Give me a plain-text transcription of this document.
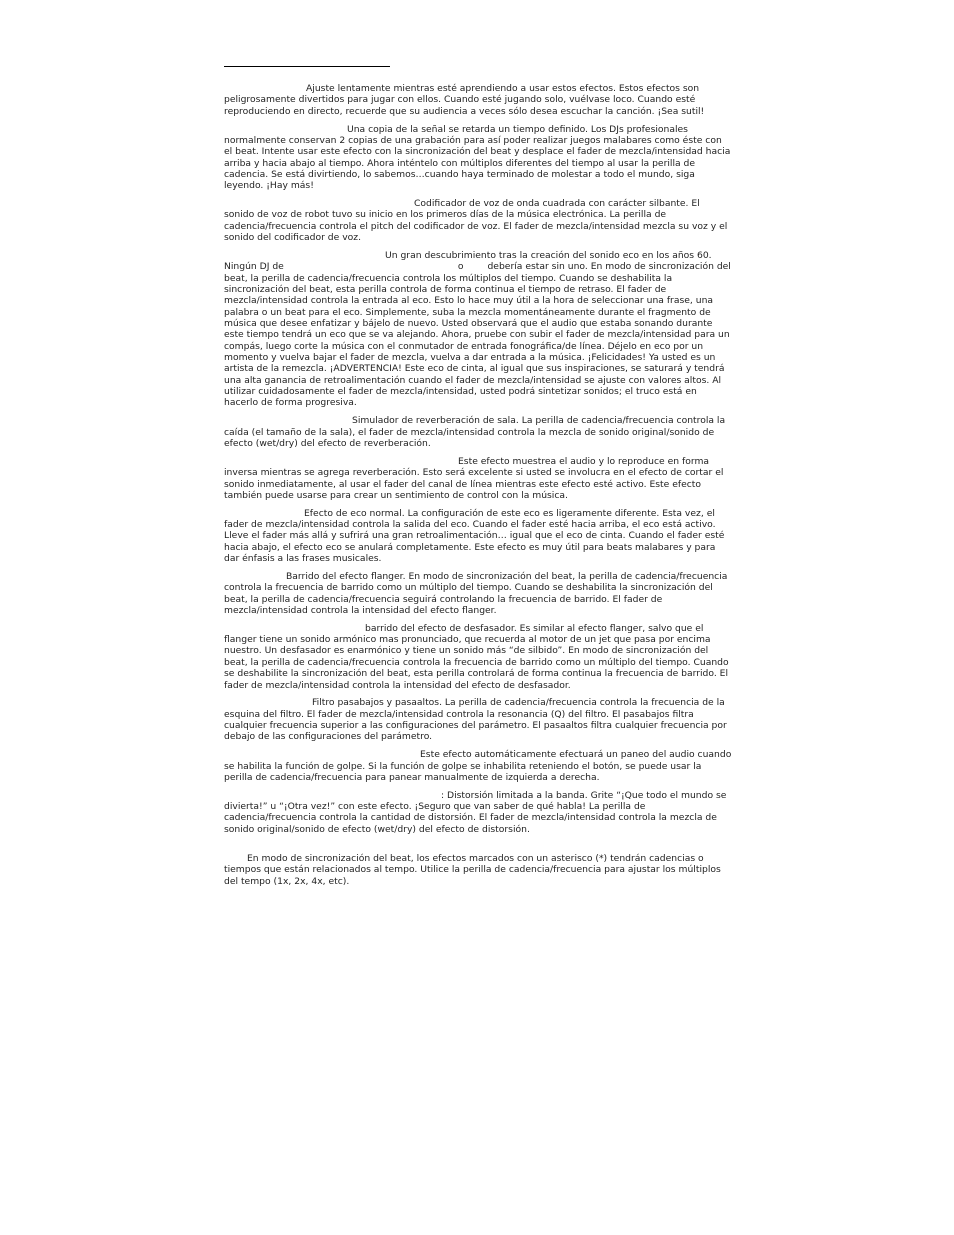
Ajuste lentamente mientras esté aprendiendo a usar estos efectos. Estos efectos son peligrosamente divertidos para jugar con ellos. Cuando esté jugando solo, vuélvase loco. Cuando esté reproduciendo en directo, recuerde que su audiencia a veces sólo desea escuchar la canción. ¡Sea sutil!

Una copia de la señal se retarda un tiempo definido. Los DJs profesionales normalmente conservan 2 copias de una grabación para así poder realizar juegos malabares como éste con el beat. Intente usar este efecto con la sincronización del beat y desplace el fader de mezcla/intensidad hacia arriba y hacia abajo al tiempo. Ahora inténtelo con múltiplos diferentes del tiempo al usar la perilla de cadencia. Se está divirtiendo, lo sabemos…cuando haya terminado de molestar a todo el mundo, siga leyendo. ¡Hay más!

Codificador de voz de onda cuadrada con carácter silbante. El sonido de voz de robot tuvo su inicio en los primeros días de la música electrónica. La perilla de cadencia/frecuencia controla el pitch del codificador de voz. El fader de mezcla/intensidad mezcla su voz y el sonido del codificador de voz.

Un gran descubrimiento tras la creación del sonido eco en los años 60.
Ningún DJ de	o	debería estar sin uno. En modo de sincronización del beat, la perilla de cadencia/frecuencia controla los múltiplos del tiempo. Cuando se deshabilita la sincronización del beat, esta perilla controla de forma continua el tiempo de retraso. El fader de mezcla/intensidad controla la entrada al eco. Esto lo hace muy útil a la hora de seleccionar una frase, una palabra o un beat para el eco. Simplemente, suba la mezcla momentáneamente durante el fragmento de música que desee enfatizar y bájelo de nuevo. Usted observará que el audio que estaba sonando durante este tiempo tendrá un eco que se va alejando. Ahora, pruebe con subir el fader de mezcla/intensidad para un compás, luego corte la música con el conmutador de entrada fonográfica/de línea. Déjelo en eco por un momento y vuelva bajar el fader de mezcla, vuelva a dar entrada a la música. ¡Felicidades! Ya usted es un artista de la remezcla. ¡ADVERTENCIA! Este eco de cinta, al igual que sus inspiraciones, se saturará y tendrá una alta ganancia de retroalimentación cuando el fader de mezcla/intensidad se ajuste con valores altos. Al utilizar cuidadosamente el fader de mezcla/intensidad, usted podrá sintetizar sonidos; el truco está en hacerlo de forma progresiva.

Simulador de reverberación de sala. La perilla de cadencia/frecuencia controla la caída (el tamaño de la sala), el fader de mezcla/intensidad controla la mezcla de sonido original/sonido de efecto (wet/dry) del efecto de reverberación.

Este efecto muestrea el audio y lo reproduce en forma inversa mientras se agrega reverberación. Esto será excelente si usted se involucra en el efecto de cortar el sonido inmediatamente, al usar el fader del canal de línea mientras este efecto esté activo. Este efecto también puede usarse para crear un sentimiento de control con la música.

Efecto de eco normal. La configuración de este eco es ligeramente diferente. Esta vez, el fader de mezcla/intensidad controla la salida del eco. Cuando el fader esté hacia arriba, el eco está activo. Lleve el fader más allá y sufrirá una gran retroalimentación… igual que el eco de cinta. Cuando el fader esté hacia abajo, el efecto eco se anulará completamente. Este efecto es muy útil para beats malabares y para dar énfasis a las frases musicales.

Barrido del efecto flanger. En modo de sincronización del beat, la perilla de cadencia/frecuencia controla la frecuencia de barrido como un múltiplo del tiempo. Cuando se deshabilita la sincronización del beat, la perilla de cadencia/frecuencia seguirá controlando la frecuencia de barrido. El fader de mezcla/intensidad controla la intensidad del efecto flanger.

barrido del efecto de desfasador. Es similar al efecto flanger, salvo que el flanger tiene un sonido armónico mas pronunciado, que recuerda al motor de un jet que pasa por encima nuestro. Un desfasador es enarmónico y tiene un sonido más “de silbido”. En modo de sincronización del beat, la perilla de cadencia/frecuencia controla la frecuencia de barrido como un múltiplo del tiempo. Cuando se deshabilite la sincronización del beat, esta perilla controlará de forma continua la frecuencia de barrido. El fader de mezcla/intensidad controla la intensidad del efecto de desfasador.

Filtro pasabajos y pasaaltos. La perilla de cadencia/frecuencia controla la frecuencia de la esquina del filtro. El fader de mezcla/intensidad controla la resonancia (Q) del filtro. El pasabajos filtra cualquier frecuencia superior a las configuraciones del parámetro. El pasaaltos filtra cualquier frecuencia por debajo de las configuraciones del parámetro.

Este efecto automáticamente efectuará un paneo del audio cuando se habilita la función de golpe. Si la función de golpe se inhabilita reteniendo el botón, se puede usar la perilla de cadencia/frecuencia para panear manualmente de izquierda a derecha.

: Distorsión limitada a la banda. Grite “¡Que todo el mundo se divierta!” u “¡Otra vez!” con este efecto. ¡Seguro que van saber de qué habla! La perilla de cadencia/frecuencia controla la cantidad de distorsión. El fader de mezcla/intensidad controla la mezcla de sonido original/sonido de efecto (wet/dry) del efecto de distorsión.

En modo de sincronización del beat, los efectos marcados con un asterisco (*) tendrán cadencias o tiempos que están relacionados al tempo. Utilice la perilla de cadencia/frecuencia para ajustar los múltiplos del tempo (1x, 2x, 4x, etc).
